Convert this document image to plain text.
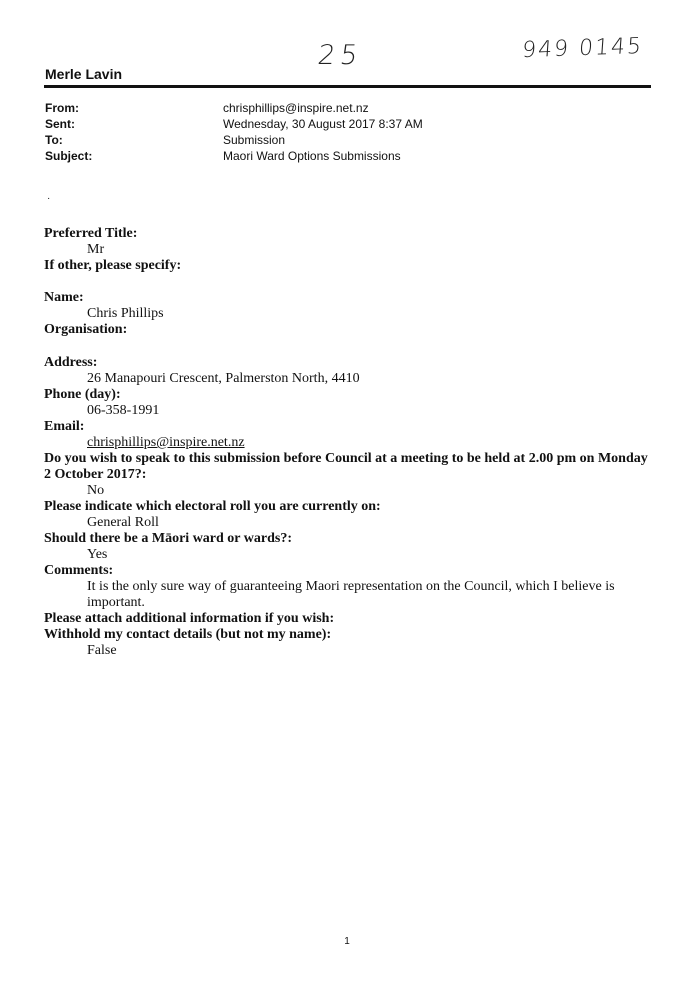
25	949 0145
Merle Lavin
From:	chrisphillips@inspire.net.nz
Sent:	Wednesday, 30 August 2017 8:37 AM
To:	Submission
Subject:	Maori Ward Options Submissions
·
Preferred Title:
Mr
If other, please specify:
Name:
Chris Phillips
Organisation:
Address:
26 Manapouri Crescent, Palmerston North, 4410
Phone (day):
06-358-1991
Email:
chrisphillips@inspire.net.nz
Do you wish to speak to this submission before Council at a meeting to be held at 2.00 pm on Monday 2 October 2017?:
No
Please indicate which electoral roll you are currently on:
General Roll
Should there be a Māori ward or wards?:
Yes
Comments:
It is the only sure way of guaranteeing Maori representation on the Council, which I believe is important.
Please attach additional information if you wish:
Withhold my contact details (but not my name):
False
1
